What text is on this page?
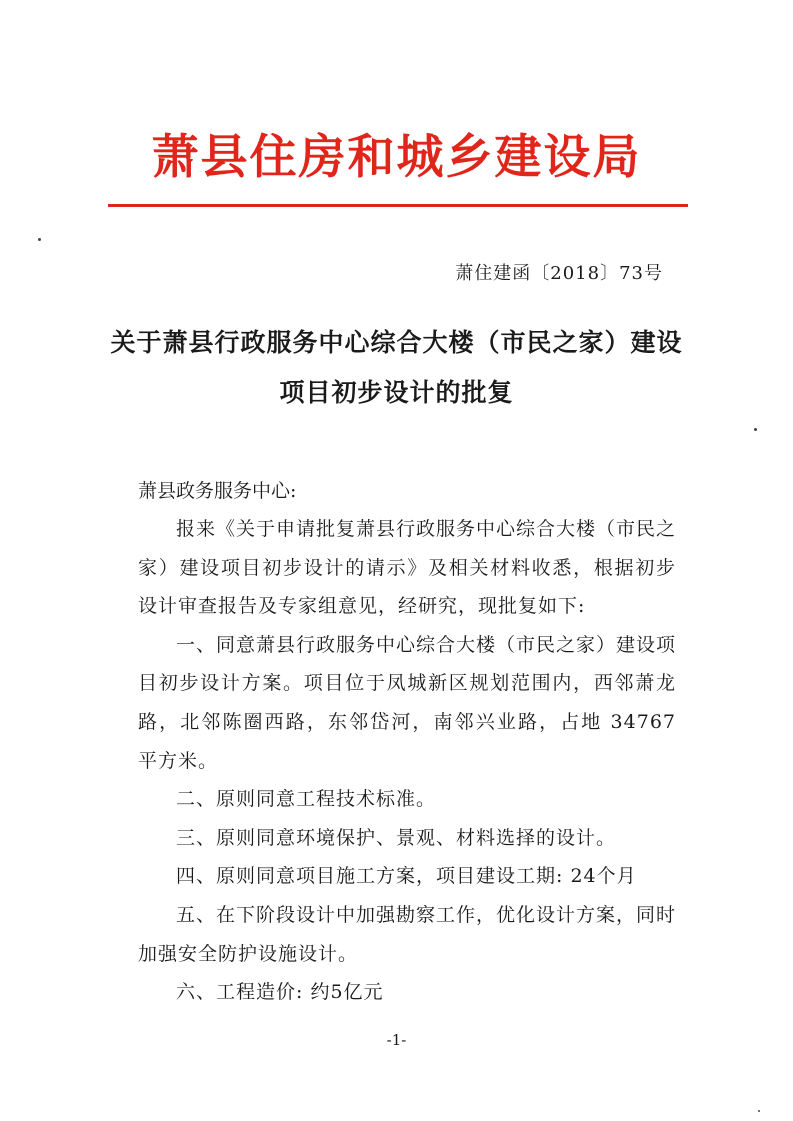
萧县住房和城乡建设局
萧住建函〔2018〕73号
关于萧县行政服务中心综合大楼（市民之家）建设项目初步设计的批复
萧县政务服务中心:

报来《关于申请批复萧县行政服务中心综合大楼（市民之家）建设项目初步设计的请示》及相关材料收悉，根据初步设计审查报告及专家组意见，经研究，现批复如下:

一、同意萧县行政服务中心综合大楼（市民之家）建设项目初步设计方案。项目位于凤城新区规划范围内，西邻萧龙路，北邻陈圈西路，东邻岱河，南邻兴业路，占地 34767 平方米。

二、原则同意工程技术标准。

三、原则同意环境保护、景观、材料选择的设计。

四、原则同意项目施工方案，项目建设工期: 24个月

五、在下阶段设计中加强勘察工作，优化设计方案，同时加强安全防护设施设计。

六、工程造价: 约5亿元

-1-
